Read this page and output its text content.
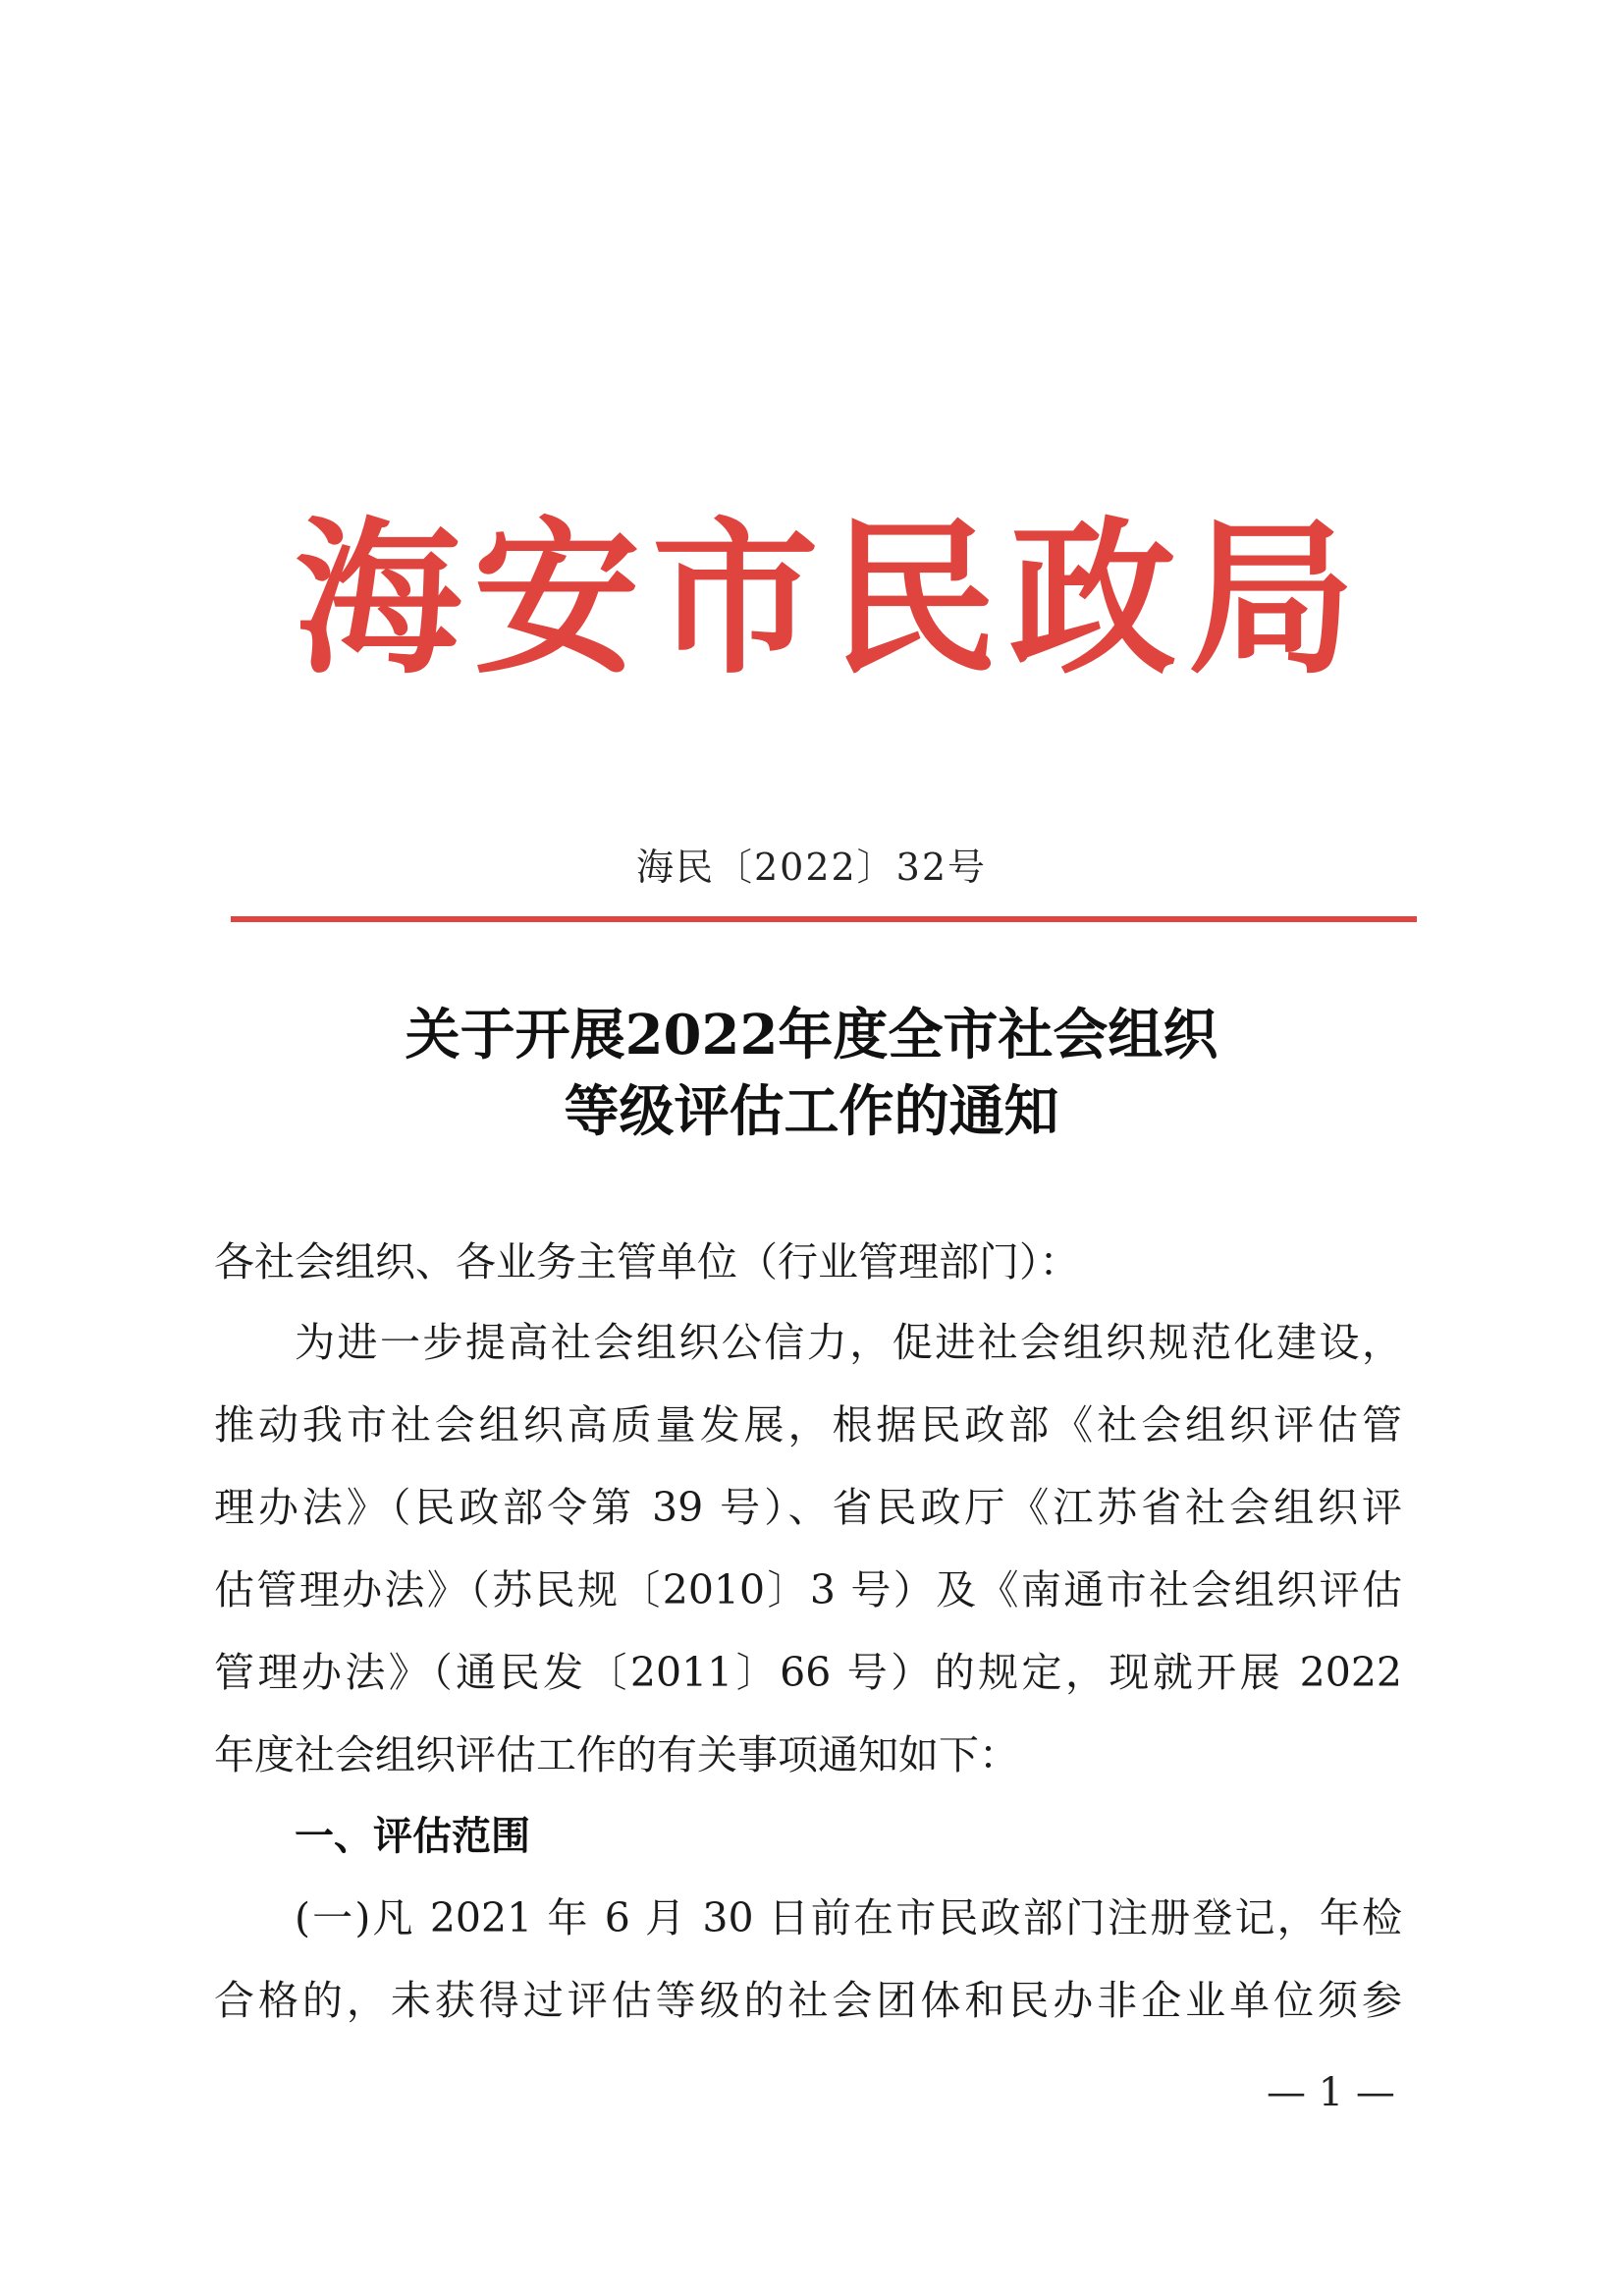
海 安 市 民 政 局
海民〔2022〕32号
关于开展2022年度全市社会组织
等级评估工作的通知
各社会组织、各业务主管单位（行业管理部门）：
为进一步提高社会组织公信力，促进社会组织规范化建设，
推动我市社会组织高质量发展，根据民政部《社会组织评估管
理办法》（民政部令第 39 号）、省民政厅《江苏省社会组织评
估管理办法》（苏民规〔2010〕3 号）及《南通市社会组织评估
管理办法》（通民发〔2011〕66 号）的规定，现就开展 2022
年度社会组织评估工作的有关事项通知如下：
一、评估范围
(一)凡 2021 年 6 月 30 日前在市民政部门注册登记，年检
合格的，未获得过评估等级的社会团体和民办非企业单位须参
— 1 —
